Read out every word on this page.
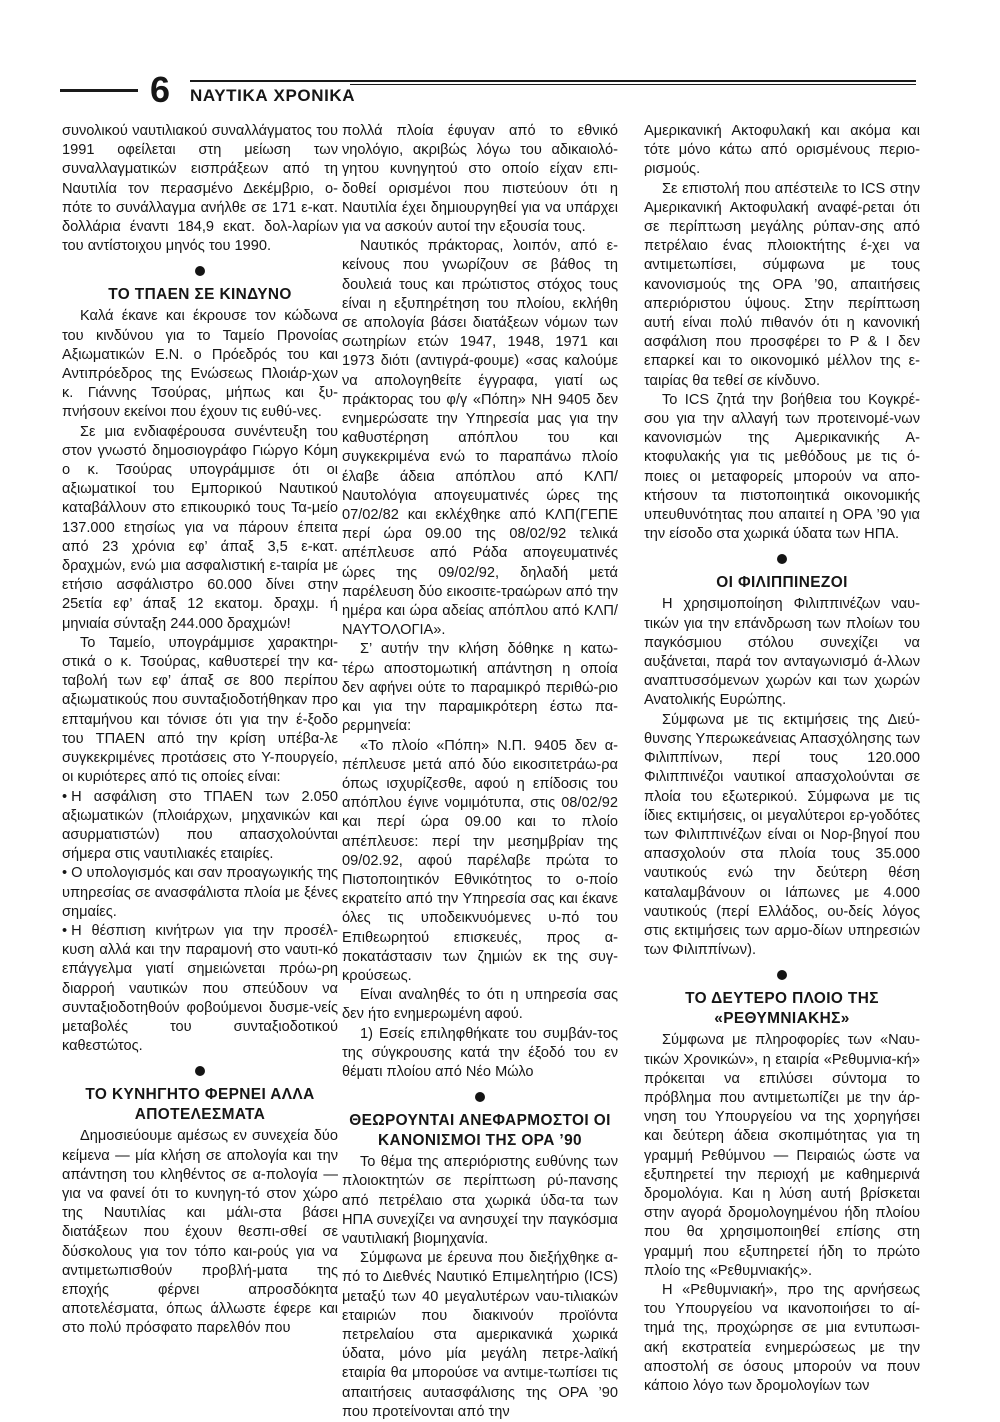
6 ΝΑΥΤΙΚΑ ΧΡΟΝΙΚΑ

συνολικού ναυτιλιακού συναλλάγματος του 1991 οφείλεται στη μείωση των συναλλαγματικών εισπράξεων από τη Ναυτιλία τον περασμένο Δεκέμβριο, ο-πότε το συνάλλαγμα ανήλθε σε 171 ε-κατ. δολλάρια έναντι 184,9 εκατ. δολ-λαρίων του αντίστοιχου μηνός του 1990.

ΤΟ ΤΠΑΕΝ ΣΕ ΚΙΝΔΥΝΟ

Καλά έκανε και έκρουσε τον κώδωνα του κινδύνου για το Ταμείο Προνοίας Αξιωματικών Ε.Ν. ο Πρόεδρός του και Αντιπρόεδρος της Ενώσεως Πλοιάρ-χων κ. Γιάννης Τσούρας, μήπως και ξυ-πνήσουν εκείνοι που έχουν τις ευθύ-νες.

Σε μια ενδιαφέρουσα συνέντευξη του στον γνωστό δημοσιογράφο Γιώργο Κόμη ο κ. Τσούρας υπογράμμισε ότι οι αξιωματικοί του Εμπορικού Ναυτικού καταβάλλουν στο επικουρικό τους Τα-μείο 137.000 ετησίως για να πάρουν έπειτα από 23 χρόνια εφ’ άπαξ 3,5 ε-κατ. δραχμών, ενώ μια ασφαλιστική ε-ταιρία με ετήσιο ασφάλιστρο 60.000 δίνει στην 25ετία εφ’ άπαξ 12 εκατομ. δραχμ. ή μηνιαία σύνταξη 244.000 δραχμών!

Το Ταμείο, υπογράμμισε χαρακτηρι-στικά ο κ. Τσούρας, καθυστερεί την κα-ταβολή των εφ’ άπαξ σε 800 περίπου αξιωματικούς που συνταξιοδοτήθηκαν προ επταμήνου και τόνισε ότι για την έ-ξοδο του ΤΠΑΕΝ από την κρίση υπέβα-λε συγκεκριμένες προτάσεις στο Υ-πουργείο, οι κυριότερες από τις οποίες είναι:

• Η ασφάλιση στο ΤΠΑΕΝ των 2.050 αξιωματικών (πλοιάρχων, μηχανικών και ασυρματιστών) που απασχολούνται σήμερα στις ναυτιλιακές εταιρίες.

• Ο υπολογισμός και σαν προαγωγικής της υπηρεσίας σε ανασφάλιστα πλοία με ξένες σημαίες.

• Η θέσπιση κινήτρων για την προσέλ-κυση αλλά και την παραμονή στο ναυτι-κό επάγγελμα γιατί σημειώνεται πρόω-ρη διαρροή ναυτικών που σπεύδουν να συνταξιοδοτηθούν φοβούμενοι δυσμε-νείς μεταβολές του συνταξιοδοτικού καθεστώτος.

ΤΟ ΚΥΝΗΓΗΤΟ ΦΕΡΝΕΙ ΑΛΛΑ ΑΠΟΤΕΛΕΣΜΑΤΑ

Δημοσιεύουμε αμέσως εν συνεχεία δύο κείμενα — μία κλήση σε απολογία και την απάντηση του κληθέντος σε α-πολογία — για να φανεί ότι το κυνηγη-τό στον χώρο της Ναυτιλίας και μάλι-στα βάσει διατάξεων που έχουν θεσπι-σθεί σε δύσκολους για τον τόπο και-ρούς για να αντιμετωπισθούν προβλή-ματα της εποχής φέρνει απροσδόκητα αποτελέσματα, όπως άλλωστε έφερε και στο πολύ πρόσφατο παρελθόν που

πολλά πλοία έφυγαν από το εθνικό νηολόγιο, ακριβώς λόγω του αδικαιολό-γητου κυνηγητού στο οποίο είχαν επι-δοθεί ορισμένοι που πιστεύουν ότι η Ναυτιλία έχει δημιουργηθεί για να υπάρχει για να ασκούν αυτοί την εξουσία τους.

Ναυτικός πράκτορας, λοιπόν, από ε-κείνους που γνωρίζουν σε βάθος τη δουλειά τους και πρώτιστος στόχος τους είναι η εξυπηρέτηση του πλοίου, εκλήθη σε απολογία βάσει διατάξεων νόμων των σωτηρίων ετών 1947, 1948, 1971 και 1973 διότι (αντιγρά-φουμε) «σας καλούμε να απολογηθείτε έγγραφα, γιατί ως πράκτορας του φ/γ «Πόπη» ΝΗ 9405 δεν ενημερώσατε την Υπηρεσία μας για την καθυστέρηση απόπλου του και συγκεκριμένα ενώ το παραπάνω πλοίο έλαβε άδεια απόπλου από ΚΛΠ/Ναυτολόγια απογευματινές ώρες της 07/02/82 και εκλέχθηκε από ΚΛΠ(ΓΕΠΕ περί ώρα 09.00 της 08/02/92 τελικά απέπλευσε από Ράδα απογευματινές ώρες της 09/02/92, δηλαδή μετά παρέλευση δύο εικοσιτε-τραώρων από την ημέρα και ώρα αδείας απόπλου από ΚΛΠ/ΝΑΥΤΟΛΟΓΙΑ».

Σ’ αυτήν την κλήση δόθηκε η κατω-τέρω αποστομωτική απάντηση η οποία δεν αφήνει ούτε το παραμικρό περιθώ-ριο και για την παραμικρότερη έστω πα-ρερμηνεία:

«Το πλοίο «Πόπη» Ν.Π. 9405 δεν α-πέπλευσε μετά από δύο εικοσιτετράω-ρα όπως ισχυρίζεσθε, αφού η επίδοσις του απόπλου έγινε νομιμότυπα, στις 08/02/92 και περί ώρα 09.00 και το πλοίο απέπλευσε: περί την μεσημβρίαν της 09/02.92, αφού παρέλαβε πρώτα το Πιστοποιητικόν Εθνικότητος το ο-ποίο εκρατείτο από την Υπηρεσία σας και έκανε όλες τις υποδεικνυόμενες υ-πό του Επιθεωρητού επισκευές, προς α-ποκατάστασιν των ζημιών εκ της συγ-κρούσεως.

Είναι αναληθές το ότι η υπηρεσία σας δεν ήτο ενημερωμένη αφού.

1) Εσείς επιληφθήκατε του συμβάν-τος της σύγκρουσης κατά την έξοδό του εν θέματι πλοίου από Νέο Μώλο

ΘΕΩΡΟΥΝΤΑΙ ΑΝΕΦΑΡΜΟΣΤΟΙ ΟΙ ΚΑΝΟΝΙΣΜΟΙ ΤΗΣ ΟΡΑ ’90

Το θέμα της απεριόριστης ευθύνης των πλοιοκτητών σε περίπτωση ρύ-πανσης από πετρέλαιο στα χωρικά ύδα-τα των ΗΠΑ συνεχίζει να ανησυχεί την παγκόσμια ναυτιλιακή βιομηχανία.

Σύμφωνα με έρευνα που διεξήχθηκε α-πό το Διεθνές Ναυτικό Επιμελητήριο (ICS) μεταξύ των 40 μεγαλυτέρων ναυ-τιλιακών εταιριών που διακινούν προϊόντα πετρελαίου στα αμερικανικά χωρικά ύδατα, μόνο μία μεγάλη πετρε-λαϊκή εταιρία θα μπορούσε να αντιμε-τωπίσει τις απαιτήσεις αυτασφάλισης της ΟΡΑ ’90 που προτείνονται από την

Αμερικανική Ακτοφυλακή και ακόμα και τότε μόνο κάτω από ορισμένους περιο-ρισμούς.

Σε επιστολή που απέστειλε το ICS στην Αμερικανική Ακτοφυλακή αναφέ-ρεται ότι σε περίπτωση μεγάλης ρύπαν-σης από πετρέλαιο ένας πλοιοκτήτης έ-χει να αντιμετωπίσει, σύμφωνα με τους κανονισμούς της ΟΡΑ ’90, απαιτήσεις απεριόριστου ύψους. Στην περίπτωση αυτή είναι πολύ πιθανόν ότι η κανονική ασφάλιση που προσφέρει το P & I δεν επαρκεί και το οικονομικό μέλλον της ε-ταιρίας θα τεθεί σε κίνδυνο.

Το ICS ζητά την βοήθεια του Κογκρέ-σου για την αλλαγή των προτεινομέ-νων κανονισμών της Αμερικανικής Α-κτοφυλακής για τις μεθόδους με τις ό-ποιες οι μεταφορείς μπορούν να απο-κτήσουν τα πιστοποιητικά οικονομικής υπευθυνότητας που απαιτεί η ΟΡΑ ’90 για την είσοδο στα χωρικά ύδατα των ΗΠΑ.

ΟΙ ΦΙΛΙΠΠΙΝΕΖΟΙ

Η χρησιμοποίηση Φιλιππινέζων ναυ-τικών για την επάνδρωση των πλοίων του παγκόσμιου στόλου συνεχίζει να αυξάνεται, παρά τον ανταγωνισμό ά-λλων αναπτυσσόμενων χωρών και των χωρών Ανατολικής Ευρώπης.

Σύμφωνα με τις εκτιμήσεις της Διεύ-θυνσης Υπερωκεάνειας Απασχόλησης των Φιλιππίνων, περί τους 120.000 Φιλιππινέζοι ναυτικοί απασχολούνται σε πλοία του εξωτερικού. Σύμφωνα με τις ίδιες εκτιμήσεις, οι μεγαλύτεροι ερ-γοδότες των Φιλιππινέζων είναι οι Νορ-βηγοί που απασχολούν στα πλοία τους 35.000 ναυτικούς ενώ την δεύτερη θέση καταλαμβάνουν οι Ιάπωνες με 4.000 ναυτικούς (περί Ελλάδος, ου-δείς λόγος στις εκτιμήσεις των αρμο-δίων υπηρεσιών των Φιλιππίνων).

ΤΟ ΔΕΥΤΕΡΟ ΠΛΟΙΟ ΤΗΣ «ΡΕΘΥΜΝΙΑΚΗΣ»

Σύμφωνα με πληροφορίες των «Ναυ-τικών Χρονικών», η εταιρία «Ρεθυμνια-κή» πρόκειται να επιλύσει σύντομα το πρόβλημα που αντιμετωπίζει με την άρ-νηση του Υπουργείου να της χορηγήσει και δεύτερη άδεια σκοπιμότητας για τη γραμμή Ρεθύμνου — Πειραιώς ώστε να εξυπηρετεί την περιοχή με καθημερινά δρομολόγια. Και η λύση αυτή βρίσκεται στην αγορά δρομολογημένου ήδη πλοίου που θα χρησιμοποιηθεί επίσης στη γραμμή που εξυπηρετεί ήδη το πρώτο πλοίο της «Ρεθυμνιακής».

Η «Ρεθυμνιακή», προ της αρνήσεως του Υπουργείου να ικανοποιήσει το αί-τημά της, προχώρησε σε μια εντυπωσι-ακή εκστρατεία ενημερώσεως με την αποστολή σε όσους μπορούν να πουν κάποιο λόγο των δρομολογίων των
